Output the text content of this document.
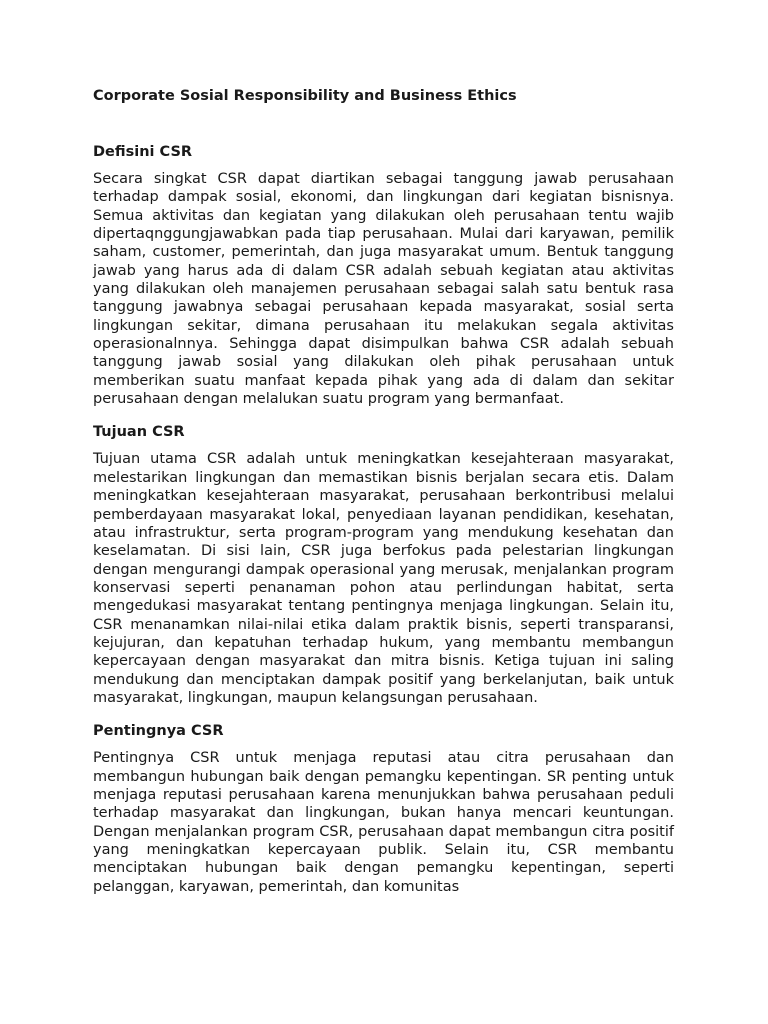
Corporate Sosial Responsibility and Business Ethics
Defisini CSR

Secara singkat CSR dapat diartikan sebagai tanggung jawab perusahaan terhadap dampak sosial, ekonomi, dan lingkungan dari kegiatan bisnisnya. Semua aktivitas dan kegiatan yang dilakukan oleh perusahaan tentu wajib dipertaqnggungjawabkan pada tiap perusahaan. Mulai dari karyawan, pemilik saham, customer, pemerintah, dan juga masyarakat umum. Bentuk tanggung jawab yang harus ada di dalam CSR adalah sebuah kegiatan atau aktivitas yang dilakukan oleh manajemen perusahaan sebagai salah satu bentuk rasa tanggung jawabnya sebagai perusahaan kepada masyarakat, sosial serta lingkungan sekitar, dimana perusahaan itu melakukan segala aktivitas operasionalnnya. Sehingga dapat disimpulkan bahwa CSR adalah sebuah tanggung jawab sosial yang dilakukan oleh pihak perusahaan untuk memberikan suatu manfaat kepada pihak yang ada di dalam dan sekitar perusahaan dengan melalukan suatu program yang bermanfaat.

Tujuan CSR

Tujuan utama CSR adalah untuk meningkatkan kesejahteraan masyarakat, melestarikan lingkungan dan memastikan bisnis berjalan secara etis. Dalam meningkatkan kesejahteraan masyarakat, perusahaan berkontribusi melalui pemberdayaan masyarakat lokal, penyediaan layanan pendidikan, kesehatan, atau infrastruktur, serta program-program yang mendukung kesehatan dan keselamatan. Di sisi lain, CSR juga berfokus pada pelestarian lingkungan dengan mengurangi dampak operasional yang merusak, menjalankan program konservasi seperti penanaman pohon atau perlindungan habitat, serta mengedukasi masyarakat tentang pentingnya menjaga lingkungan. Selain itu, CSR menanamkan nilai-nilai etika dalam praktik bisnis, seperti transparansi, kejujuran, dan kepatuhan terhadap hukum, yang membantu membangun kepercayaan dengan masyarakat dan mitra bisnis. Ketiga tujuan ini saling mendukung dan menciptakan dampak positif yang berkelanjutan, baik untuk masyarakat, lingkungan, maupun kelangsungan perusahaan.

Pentingnya CSR

Pentingnya CSR untuk menjaga reputasi atau citra perusahaan dan membangun hubungan baik dengan pemangku kepentingan. SR penting untuk menjaga reputasi perusahaan karena menunjukkan bahwa perusahaan peduli terhadap masyarakat dan lingkungan, bukan hanya mencari keuntungan. Dengan menjalankan program CSR, perusahaan dapat membangun citra positif yang meningkatkan kepercayaan publik. Selain itu, CSR membantu menciptakan hubungan baik dengan pemangku kepentingan, seperti pelanggan, karyawan, pemerintah, dan komunitas
